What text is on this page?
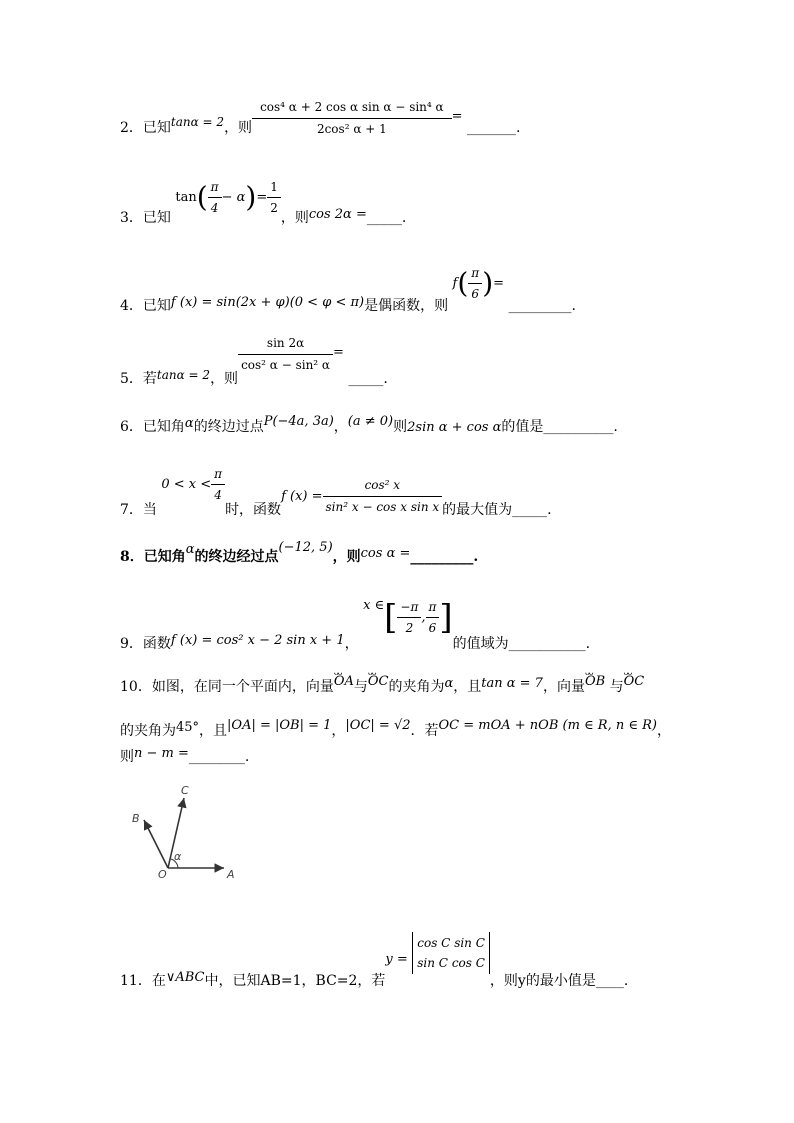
2．已知tanα = 2，则 $\frac{\text{cos⁴ α + 2 cos α sin α − sin⁴ α}}{\text{2cos² α + 1}}$ = _______.
3．已知 $\tan( \frac{\pi}{4} - \alpha)= \frac{1}{2}$
，则cos 2α =_____.
4．已知f (x) = sin(2x + φ)(0 < φ < π)是偶函数，则 $f( \frac{\pi}{6}$ )= _________.
5．若tanα = 2，则
$\frac{\sin 2\alpha}{\text{cos² α − sin² α}}$ = _____.
6．已知角α的终边过点P(−4a, 3a)，(a ≠ 0)则2sin α + cos α的值是__________.
7．当 $0 < x < \frac{\pi}{4}$
时，函数f $(x) = \frac{\text{cos² x}}{\text{sin² x − cos x sin x}}$ 的最大值为_____.
8．已知角α的终边经过点(−12, 5)，则cos α =_________.
9．函数f (x) = cos² x − 2 sin x + 1， x ∈[ $\frac{-\pi}{2}$ , $\frac{\pi}{6}$ ]的值域为___________.
10．如图，在同一个平面内，向量ᴗᴗ OA与ᴗᴗ OC的夹角为α，且tan α = 7，向量ᴗᴗ OB 与ᴗᴗ OC
的夹角为45°，且|OA| = |OB| = 1，|OC| = √2．若OC = mOA + nOB (m ∈ R, n ∈ R)，
则n − m =________.
A
B
C
O
α
11．在∨ABC中，已知AB=1，BC=2，若y = cos C sin C
sin C cos C，则y的最小值是____.
